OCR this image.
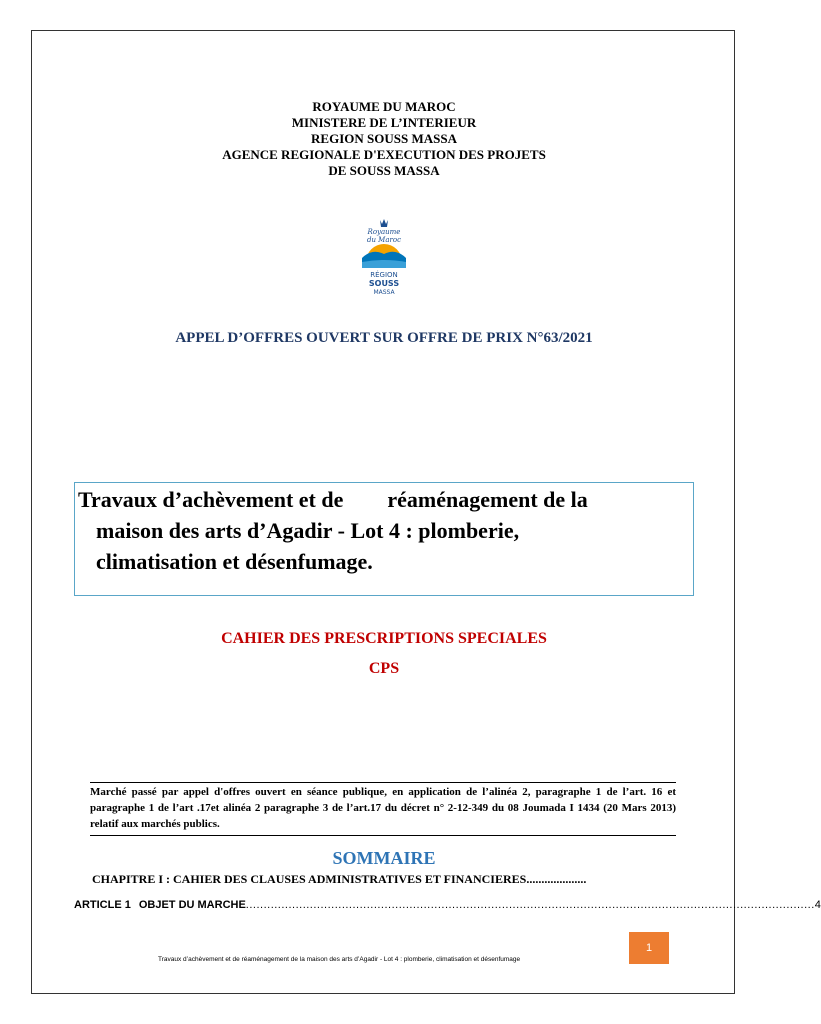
ROYAUME DU MAROC
MINISTERE DE L’INTERIEUR
REGION SOUSS MASSA
AGENCE REGIONALE D'EXECUTION DES PROJETS
DE SOUSS MASSA
Royaume
du Maroc
RÉGION
SOUSS
MASSA
APPEL D’OFFRES OUVERT SUR OFFRE DE PRIX N°63/2021
Travaux d’achèvement et de        réaménagement de la
maison des arts d’Agadir - Lot 4 : plomberie,
climatisation et désenfumage.
CAHIER DES PRESCRIPTIONS SPECIALES
CPS
Marché passé par appel d'offres ouvert en séance publique, en application de l’alinéa 2, paragraphe 1 de l’art. 16 et paragraphe 1 de l’art .17et alinéa 2 paragraphe 3 de l’art.17 du décret n° 2-12-349 du 08 Joumada I 1434 (20 Mars 2013) relatif aux marchés publics.
SOMMAIRE
CHAPITRE I : CAHIER DES CLAUSES ADMINISTRATIVES ET FINANCIERES....................
ARTICLE 1 OBJET DU MARCHE ................................................................................................................................................................ 4
1
Travaux d’achèvement et de réaménagement de la maison des arts d’Agadir - Lot 4 : plomberie, climatisation et désenfumage
